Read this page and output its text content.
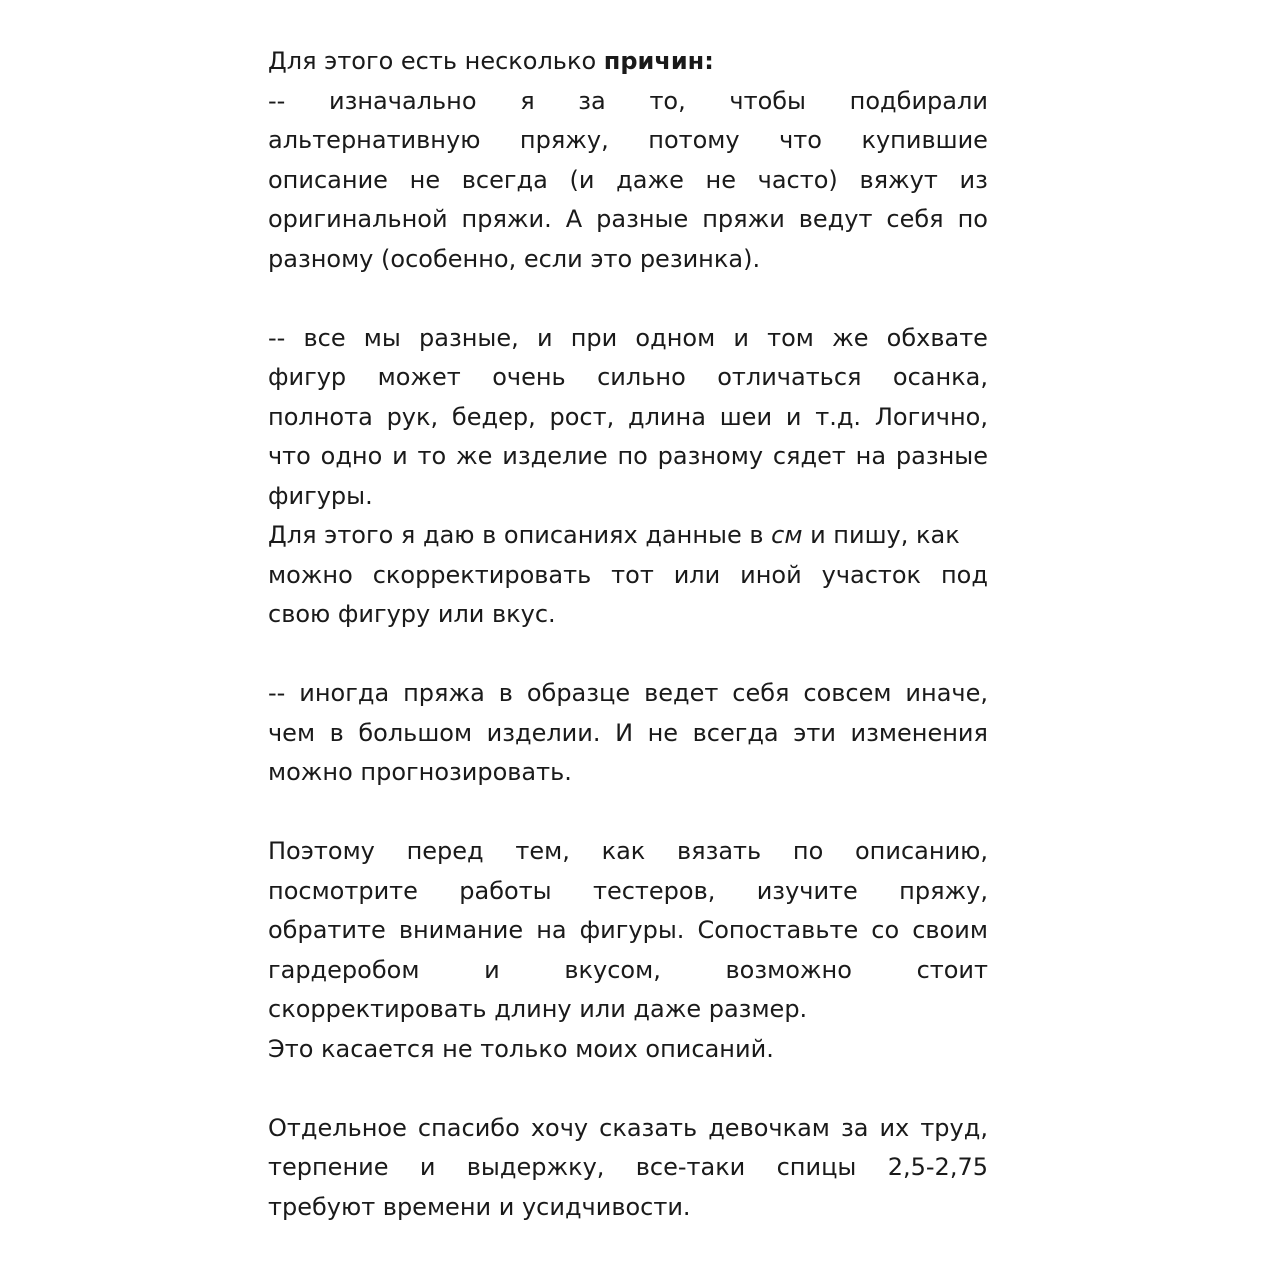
Для этого есть несколько причин:
-- изначально я за то, чтобы подбирали
альтернативную пряжу, потому что купившие
описание не всегда (и даже не часто) вяжут из
оригинальной пряжи. А разные пряжи ведут себя по
разному (особенно, если это резинка).
-- все мы разные, и при одном и том же обхвате
фигур может очень сильно отличаться осанка,
полнота рук, бедер, рост, длина шеи и т.д. Логично,
что одно и то же изделие по разному сядет на разные
фигуры.
Для этого я даю в описаниях данные в см и пишу, как
можно скорректировать тот или иной участок под
свою фигуру или вкус.
-- иногда пряжа в образце ведет себя совсем иначе,
чем в большом изделии. И не всегда эти изменения
можно прогнозировать.
Поэтому перед тем, как вязать по описанию,
посмотрите работы тестеров, изучите пряжу,
обратите внимание на фигуры. Сопоставьте со своим
гардеробом	и	вкусом,	возможно	стоит
скорректировать длину или даже размер.
Это касается не только моих описаний.
Отдельное спасибо хочу сказать девочкам за их труд,
терпение и выдержку, все-таки спицы 2,5-2,75
требуют времени и усидчивости.
